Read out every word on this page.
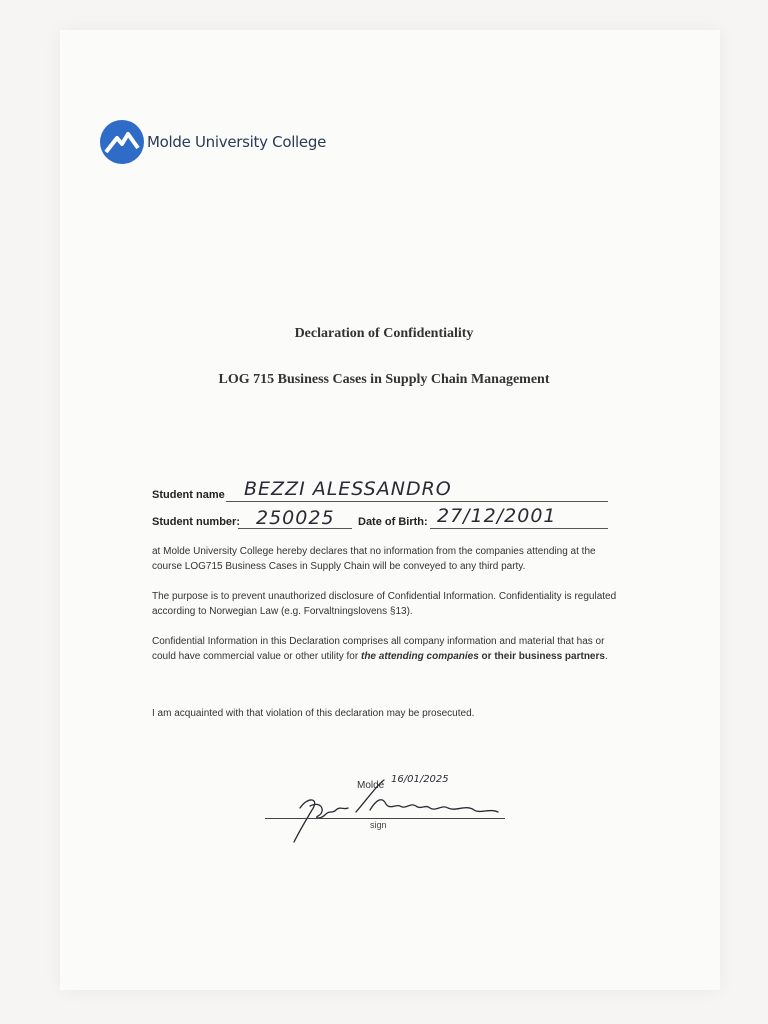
Molde University College
Declaration of Confidentiality
LOG 715 Business Cases in Supply Chain Management
Student name BEZZI ALESSANDRO
Student number: 250025 Date of Birth: 27/12/2001
at Molde University College hereby declares that no information from the companies attending at the course LOG715 Business Cases in Supply Chain will be conveyed to any third party.
The purpose is to prevent unauthorized disclosure of Confidential Information. Confidentiality is regulated according to Norwegian Law (e.g. Forvaltningslovens §13).
Confidential Information in this Declaration comprises all company information and material that has or could have commercial value or other utility for the attending companies or their business partners.
I am acquainted with that violation of this declaration may be prosecuted.
Molde
16/01/2025
sign
